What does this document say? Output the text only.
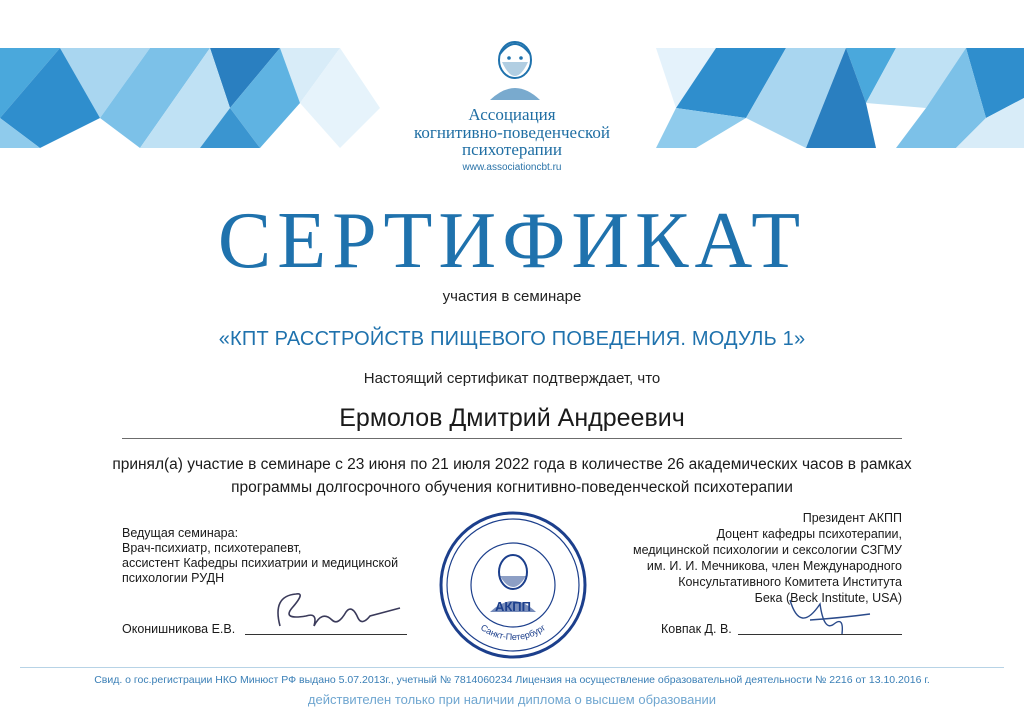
Ассоциация
когнитивно-поведенческой
психотерапии
www.associationcbt.ru
СЕРТИФИКАТ
участия в семинаре
«КПТ РАССТРОЙСТВ ПИЩЕВОГО ПОВЕДЕНИЯ. МОДУЛЬ 1»
Настоящий сертификат подтверждает, что
Ермолов Дмитрий Андреевич
принял(а) участие в семинаре с 23 июня по 21 июля 2022 года в количестве 26 академических часов в рамках
программы долгосрочного обучения когнитивно-поведенческой психотерапии
Ведущая семинара:
Врач-психиатр, психотерапевт,
ассистент Кафедры психиатрии и медицинской
психологии РУДН
Президент АКПП
Доцент кафедры психотерапии,
медицинской психологии и сексологии СЗГМУ
им. И. И. Мечникова, член Международного
Консультативного Комитета Института
Бека (Beck Institute, USA)
АКПП
Санкт-Петербург
Оконишникова Е.В.	Ковпак Д. В.
Свид. о гос.регистрации НКО Минюст РФ выдано 5.07.2013г., учетный № 7814060234 Лицензия на осуществление образовательной деятельности № 2216 от 13.10.2016 г.
действителен только при наличии диплома о высшем образовании
